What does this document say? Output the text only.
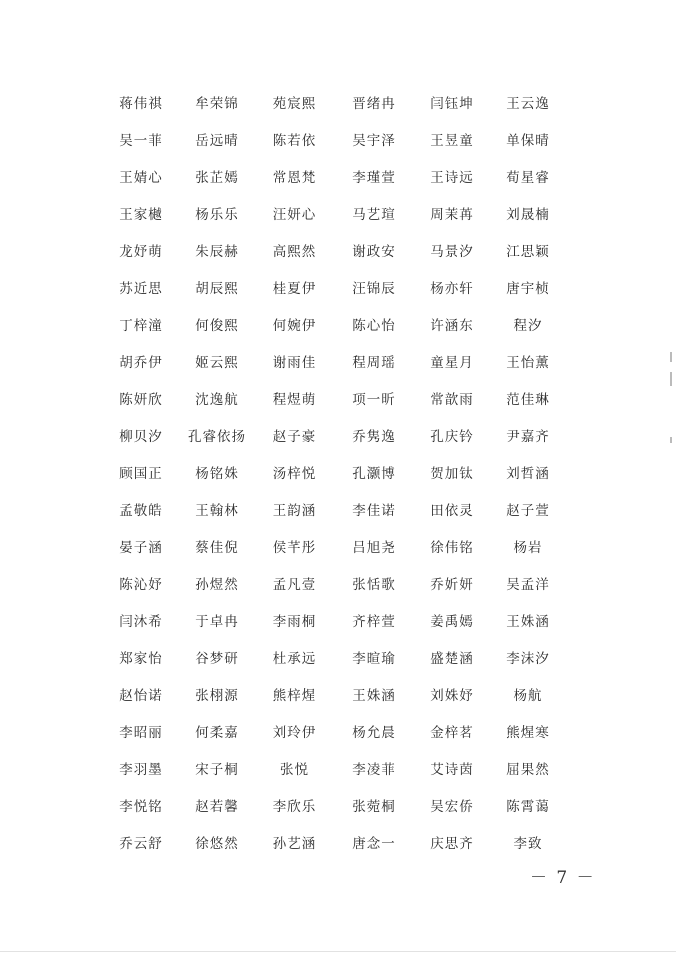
蒋伟祺	牟荣锦	苑宸熙	晋绪冉	闫钰坤	王云逸
吴一菲	岳远晴	陈若依	吴宇泽	王昱童	单保晴
王婧心	张芷嫣	常恩梵	李瑾萱	王诗远	荀星睿
王家樾	杨乐乐	汪妍心	马艺瑄	周茉苒	刘晟楠
龙妤萌	朱辰赫	高熙然	谢政安	马景汐	江思颖
苏近思	胡辰熙	桂夏伊	汪锦辰	杨亦轩	唐宇桢
丁梓潼	何俊熙	何婉伊	陈心怡	许涵东	程汐
胡乔伊	姬云熙	谢雨佳	程周瑶	童星月	王怡薰
陈妍欣	沈逸航	程煜萌	项一昕	常歆雨	范佳琳
柳贝汐	孔睿依扬	赵子豪	乔隽逸	孔庆钤	尹嘉齐
顾国正	杨铭姝	汤梓悦	孔灏博	贺加钛	刘哲涵
孟敬皓	王翰林	王韵涵	李佳诺	田依灵	赵子萱
晏子涵	蔡佳倪	侯芊彤	吕旭尧	徐伟铭	杨岩
陈沁妤	孙煜然	孟凡壹	张恬歌	乔妡妍	吴孟洋
闫沐希	于卓冉	李雨桐	齐梓萱	姜禹嫣	王姝涵
郑家怡	谷梦研	杜承远	李暄瑜	盛楚涵	李沫汐
赵怡诺	张栩源	熊梓煋	王姝涵	刘姝妤	杨航
李昭丽	何柔嘉	刘玲伊	杨允晨	金梓茗	熊煋寒
李羽墨	宋子桐	张悦	李凌菲	艾诗茵	屈果然
李悦铭	赵若馨	李欣乐	张菀桐	吴宏侨	陈霄蔼
乔云舒	徐悠然	孙艺涵	唐念一	庆思齐	李致
－ 7 －
